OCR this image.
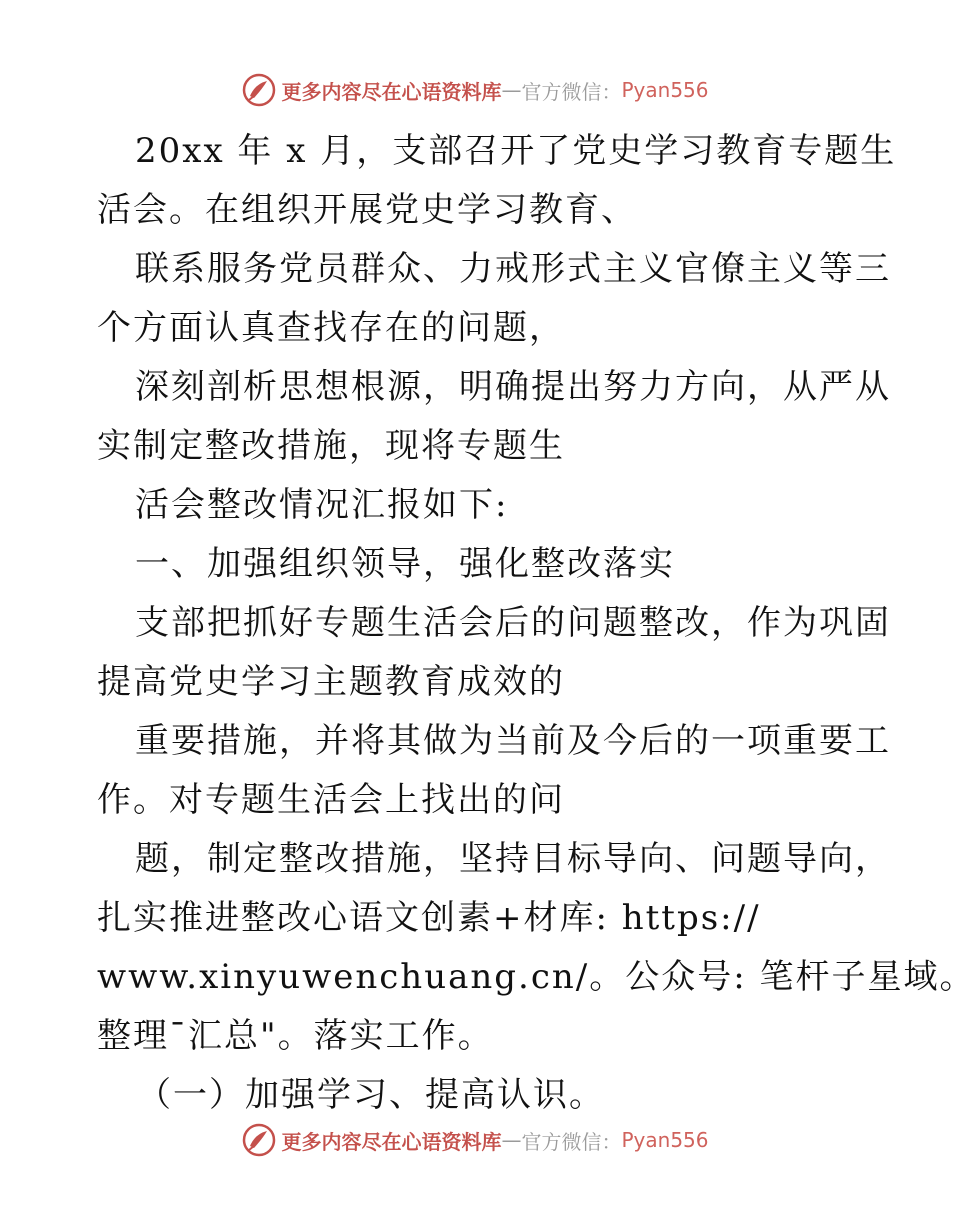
更多内容尽在心语资料库 — 官方微信： Pyan556
20xx 年 x 月，支部召开了党史学习教育专题生
活会。在组织开展党史学习教育、
联系服务党员群众、力戒形式主义官僚主义等三
个方面认真查找存在的问题，
深刻剖析思想根源，明确提出努力方向，从严从
实制定整改措施，现将专题生
活会整改情况汇报如下:
一、加强组织领导，强化整改落实
支部把抓好专题生活会后的问题整改，作为巩固
提高党史学习主题教育成效的
重要措施，并将其做为当前及今后的一项重要工
作。对专题生活会上找出的问
题，制定整改措施，坚持目标导向、问题导向，
扎实推进整改心语文创素+材库: https://
www.xinyuwenchuang.cn/。公众号: 笔杆子星域。
整理¯汇总"。落实工作。
（一）加强学习、提高认识。
更多内容尽在心语资料库 — 官方微信： Pyan556
